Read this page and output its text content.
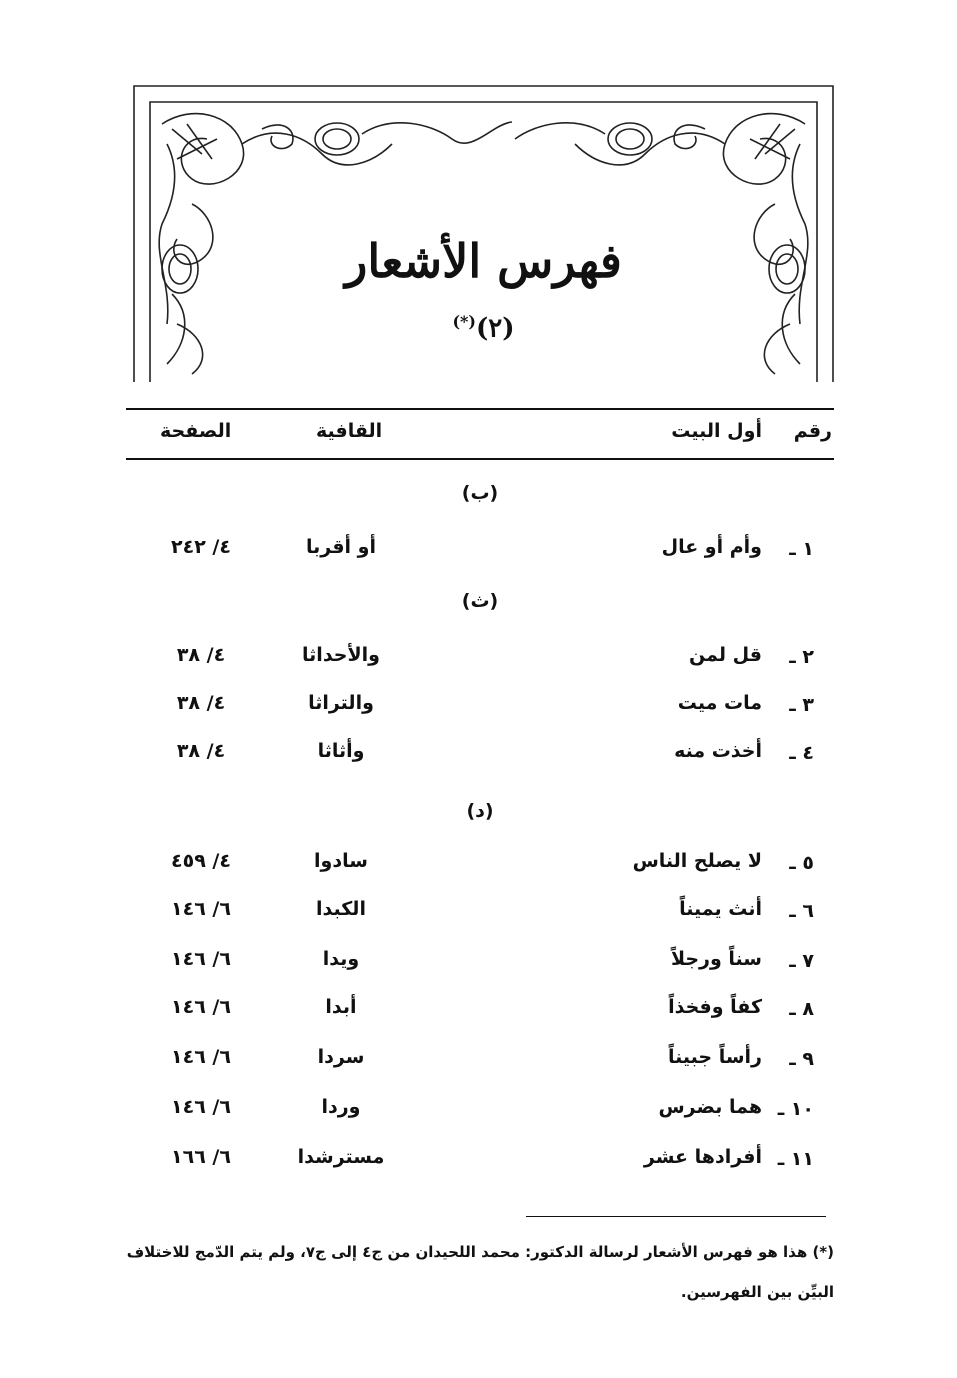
فهرس الأشعار
(٢)(*)
رقم
أول البيت
القافية
الصفحة
(ب)
١ ـ
وأم أو عال
أو أقربا
٤/ ٢٤٢
(ث)
٢ ـ
قل لمن
والأحداثا
٤/ ٣٨
٣ ـ
مات ميت
والتراثا
٤/ ٣٨
٤ ـ
أخذت منه
وأثاثا
٤/ ٣٨
(د)
٥ ـ
لا يصلح الناس
سادوا
٤/ ٤٥٩
٦ ـ
أنث يميناً
الكبدا
٦/ ١٤٦
٧ ـ
سناً ورجلاً
ويدا
٦/ ١٤٦
٨ ـ
كفاً وفخذاً
أبدا
٦/ ١٤٦
٩ ـ
رأساً جبيناً
سردا
٦/ ١٤٦
١٠ ـ
هما بضرس
وردا
٦/ ١٤٦
١١ ـ
أفرادها عشر
مسترشدا
٦/ ١٦٦
(*) هذا هو فهرس الأشعار لرسالة الدكتور: محمد اللحيدان من ج٤ إلى ج٧، ولم يتم الدّمج للاختلاف البيِّن بين الفهرسين.
